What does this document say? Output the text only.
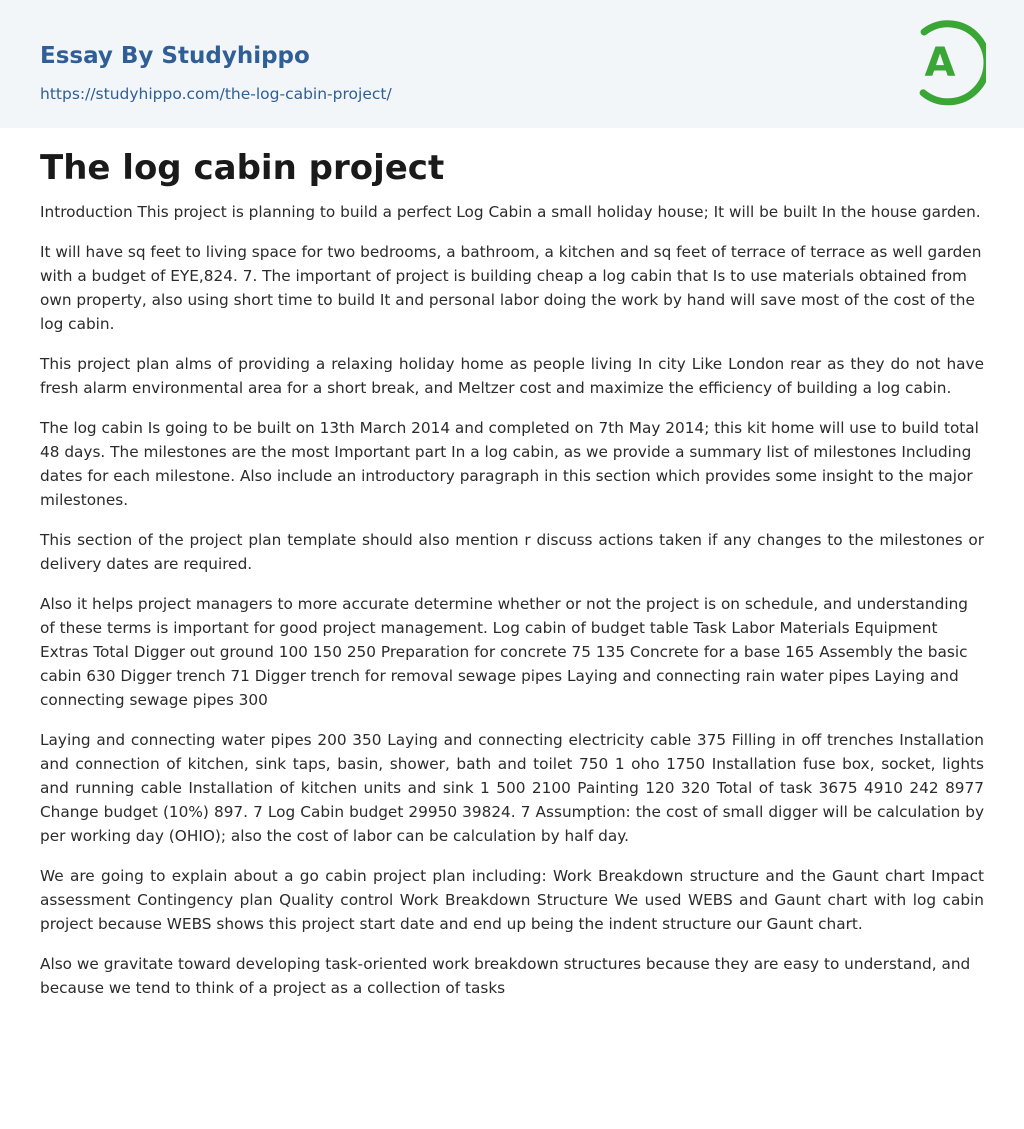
Essay By Studyhippo
https://studyhippo.com/the-log-cabin-project/
A
The log cabin project

Introduction This project is planning to build a perfect Log Cabin a small holiday house; It will be built In the house garden.

It will have sq feet to living space for two bedrooms, a bathroom, a kitchen and sq feet of terrace of terrace as well garden with a budget of EYE,824. 7. The important of project is building cheap a log cabin that Is to use materials obtained from own property, also using short time to build It and personal labor doing the work by hand will save most of the cost of the log cabin.

This project plan alms of providing a relaxing holiday home as people living In city Like London rear as they do not have fresh alarm environmental area for a short break, and Meltzer cost and maximize the efficiency of building a log cabin.

The log cabin Is going to be built on 13th March 2014 and completed on 7th May 2014; this kit home will use to build total 48 days. The milestones are the most Important part In a log cabin, as we provide a summary list of milestones Including dates for each milestone. Also include an introductory paragraph in this section which provides some insight to the major milestones.

This section of the project plan template should also mention r discuss actions taken if any changes to the milestones or delivery dates are required.

Also it helps project managers to more accurate determine whether or not the project is on schedule, and understanding of these terms is important for good project management. Log cabin of budget table Task Labor Materials Equipment Extras Total Digger out ground 100 150 250 Preparation for concrete 75 135 Concrete for a base 165 Assembly the basic cabin 630 Digger trench 71 Digger trench for removal sewage pipes Laying and connecting rain water pipes Laying and connecting sewage pipes 300

Laying and connecting water pipes 200 350 Laying and connecting electricity cable 375 Filling in off trenches Installation and connection of kitchen, sink taps, basin, shower, bath and toilet 750 1 oho 1750 Installation fuse box, socket, lights and running cable Installation of kitchen units and sink 1 500 2100 Painting 120 320 Total of task 3675 4910 242 8977 Change budget (10%) 897. 7 Log Cabin budget 29950 39824. 7 Assumption: the cost of small digger will be calculation by per working day (OHIO); also the cost of labor can be calculation by half day.

We are going to explain about a go cabin project plan including: Work Breakdown structure and the Gaunt chart Impact assessment Contingency plan Quality control Work Breakdown Structure We used WEBS and Gaunt chart with log cabin project because WEBS shows this project start date and end up being the indent structure our Gaunt chart.

Also we gravitate toward developing task-oriented work breakdown structures because they are easy to understand, and because we tend to think of a project as a collection of tasks
